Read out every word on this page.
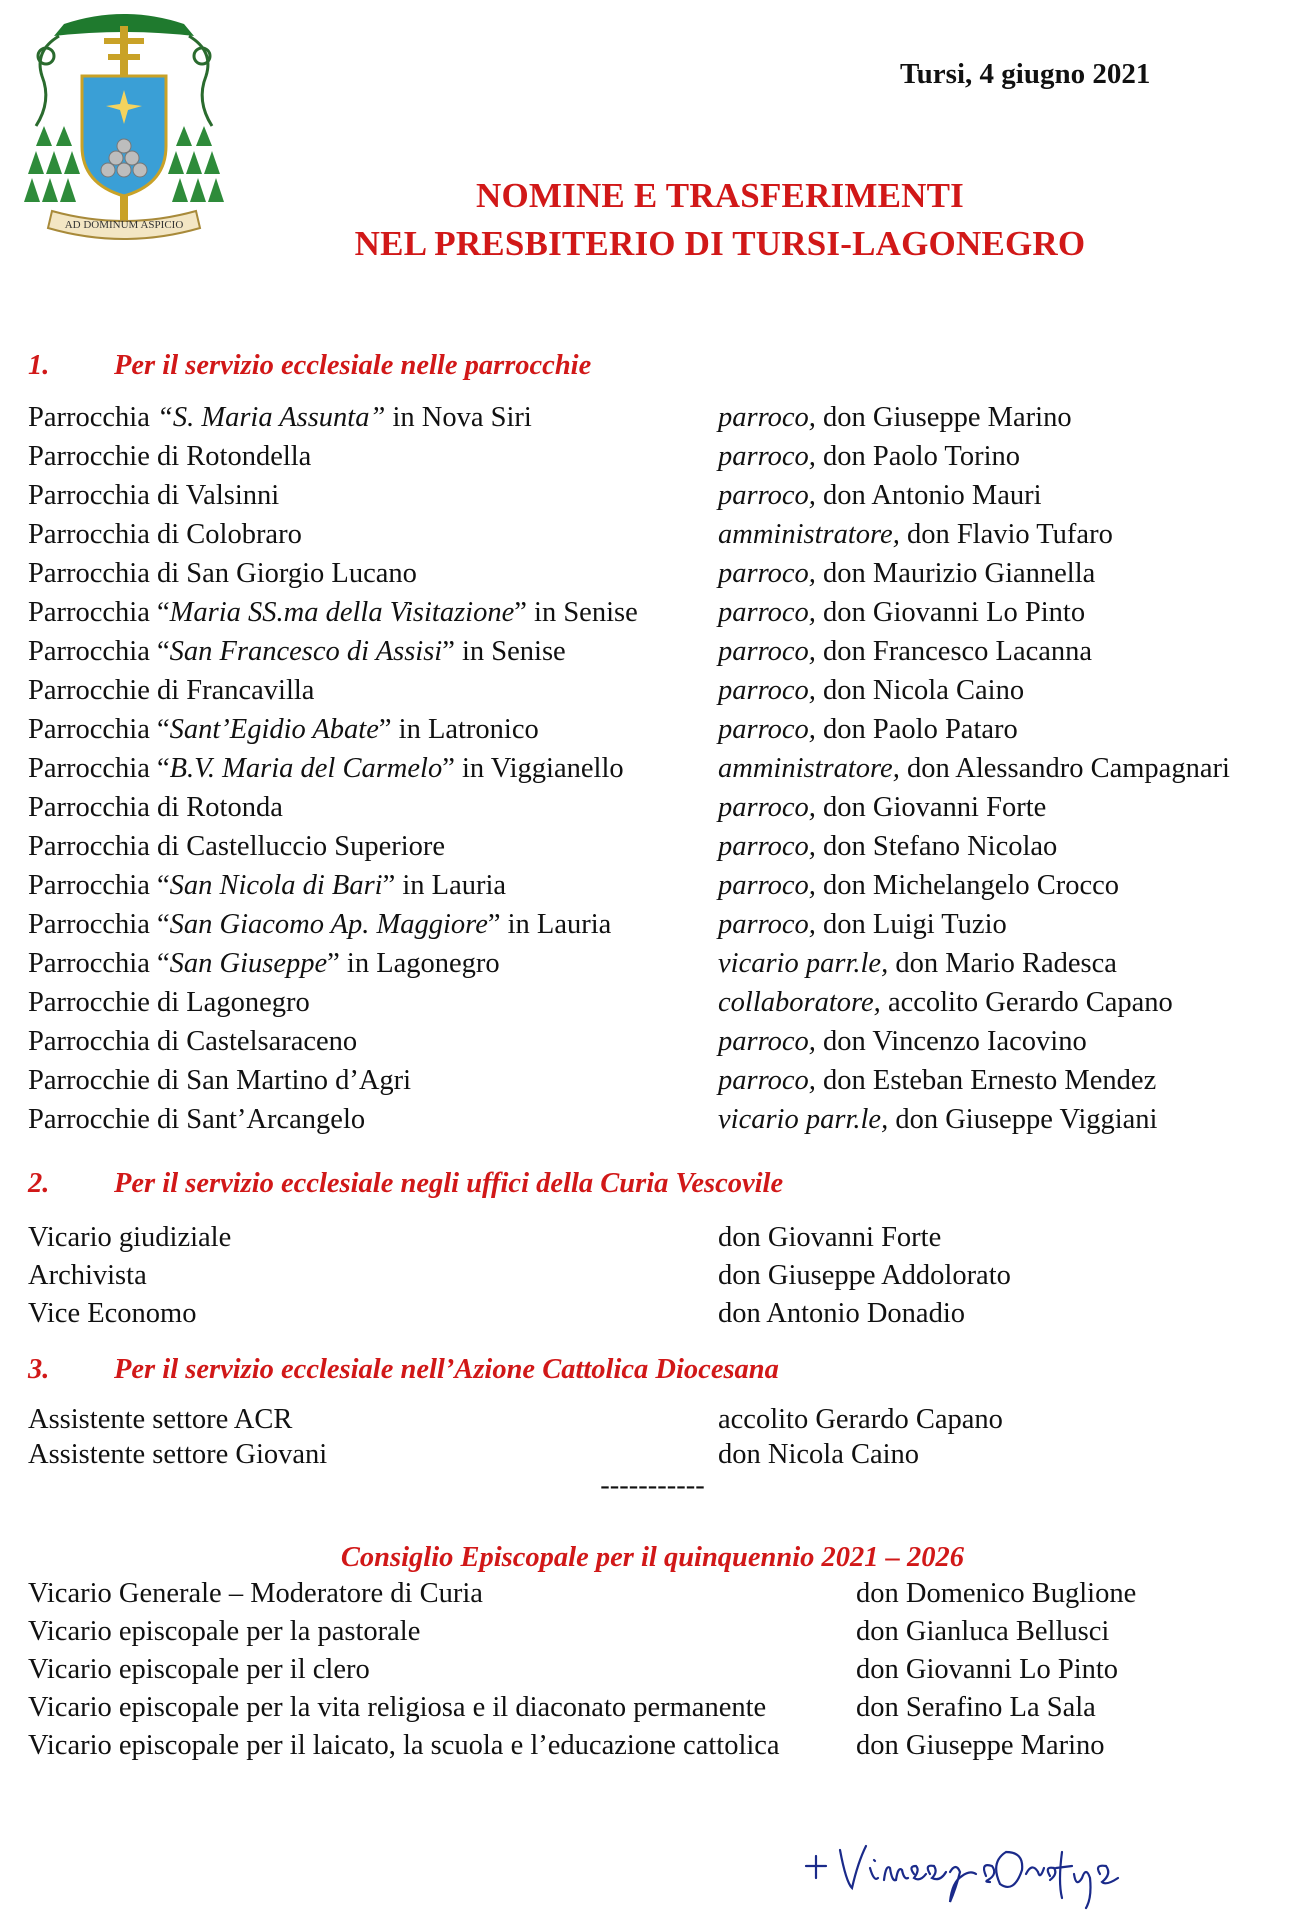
AD DOMINUM ASPICIO
Tursi, 4 giugno 2021
NOMINE E TRASFERIMENTI
NEL PRESBITERIO DI TURSI-LAGONEGRO
1. Per il servizio ecclesiale nelle parrocchie
Parrocchia “S. Maria Assunta” in Nova Siri	parroco, don Giuseppe Marino
Parrocchie di Rotondella	parroco, don Paolo Torino
Parrocchia di Valsinni	parroco, don Antonio Mauri
Parrocchia di Colobraro	amministratore, don Flavio Tufaro
Parrocchia di San Giorgio Lucano	parroco, don Maurizio Giannella
Parrocchia “Maria SS.ma della Visitazione” in Senise	parroco, don Giovanni Lo Pinto
Parrocchia “San Francesco di Assisi” in Senise	parroco, don Francesco Lacanna
Parrocchie di Francavilla	parroco, don Nicola Caino
Parrocchia “Sant’Egidio Abate” in Latronico	parroco, don Paolo Pataro
Parrocchia “B.V. Maria del Carmelo” in Viggianello	amministratore, don Alessandro Campagnari
Parrocchia di Rotonda	parroco, don Giovanni Forte
Parrocchia di Castelluccio Superiore	parroco, don Stefano Nicolao
Parrocchia “San Nicola di Bari” in Lauria	parroco, don Michelangelo Crocco
Parrocchia “San Giacomo Ap. Maggiore” in Lauria	parroco, don Luigi Tuzio
Parrocchia “San Giuseppe” in Lagonegro	vicario parr.le, don Mario Radesca
Parrocchie di Lagonegro	collaboratore, accolito Gerardo Capano
Parrocchia di Castelsaraceno	parroco, don Vincenzo Iacovino
Parrocchie di San Martino d’Agri	parroco, don Esteban Ernesto Mendez
Parrocchie di Sant’Arcangelo	vicario parr.le, don Giuseppe Viggiani
2. Per il servizio ecclesiale negli uffici della Curia Vescovile
Vicario giudiziale	don Giovanni Forte
Archivista	don Giuseppe Addolorato
Vice Economo	don Antonio Donadio
3. Per il servizio ecclesiale nell’Azione Cattolica Diocesana
Assistente settore ACR	accolito Gerardo Capano
Assistente settore Giovani	don Nicola Caino
-----------
Consiglio Episcopale per il quinquennio 2021 – 2026
Vicario Generale – Moderatore di Curia	don Domenico Buglione
Vicario episcopale per la pastorale	don Gianluca Bellusci
Vicario episcopale per il clero	don Giovanni Lo Pinto
Vicario episcopale per la vita religiosa e il diaconato permanente	don Serafino La Sala
Vicario episcopale per il laicato, la scuola e l’educazione cattolica	don Giuseppe Marino
